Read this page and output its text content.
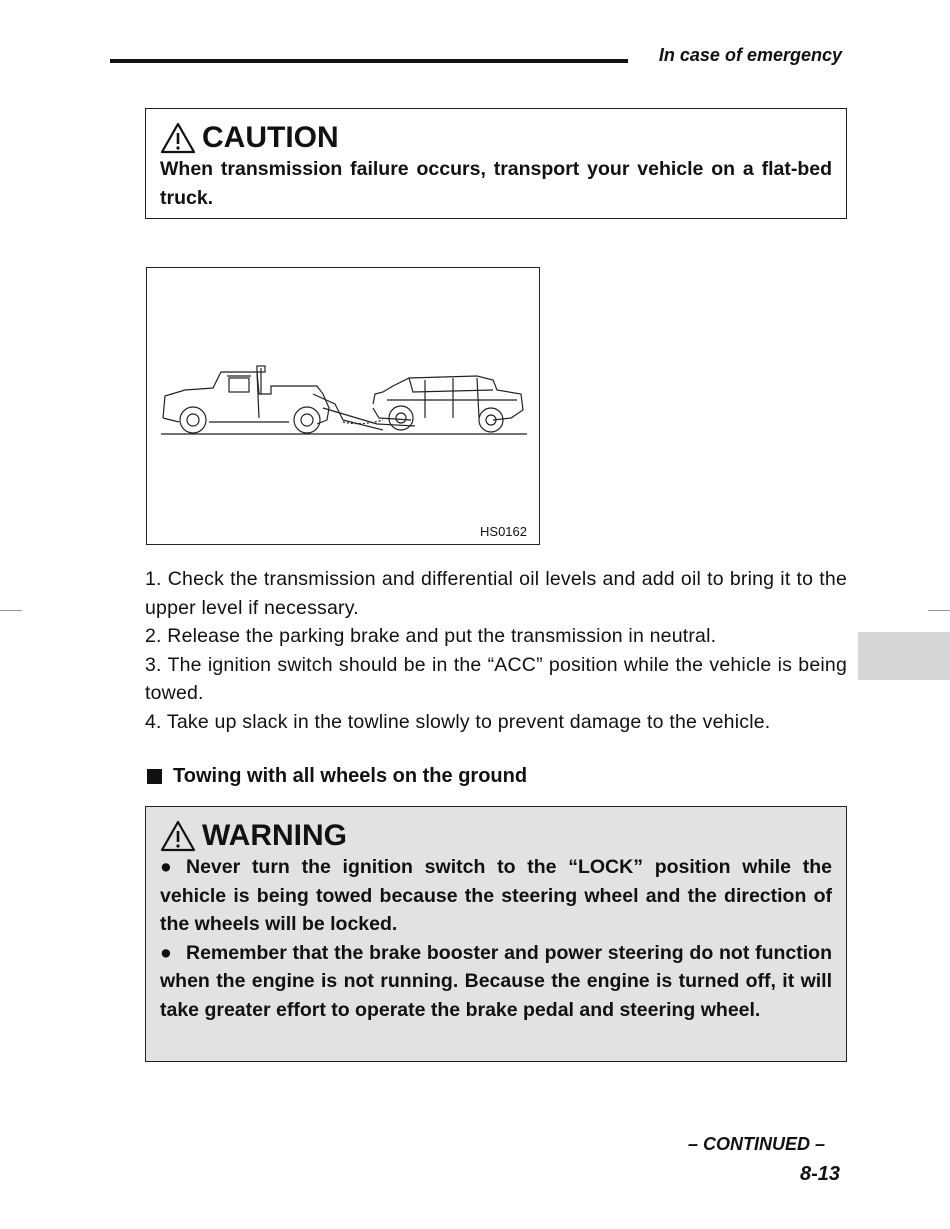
In case of emergency
CAUTION
When transmission failure occurs, transport your vehicle on a flat-bed truck.
HS0162

1. Check the transmission and differential oil levels and add oil to bring it to the upper level if necessary.

2. Release the parking brake and put the transmission in neutral.

3. The ignition switch should be in the “ACC” position while the vehicle is being towed.

4. Take up slack in the towline slowly to prevent damage to the vehicle.

Towing with all wheels on the ground
WARNING

● Never turn the ignition switch to the “LOCK” position while the vehicle is being towed because the steering wheel and the direction of the wheels will be locked.

● Remember that the brake booster and power steering do not function when the engine is not running. Because the engine is turned off, it will take greater effort to operate the brake pedal and steering wheel.

– CONTINUED –
8-13
